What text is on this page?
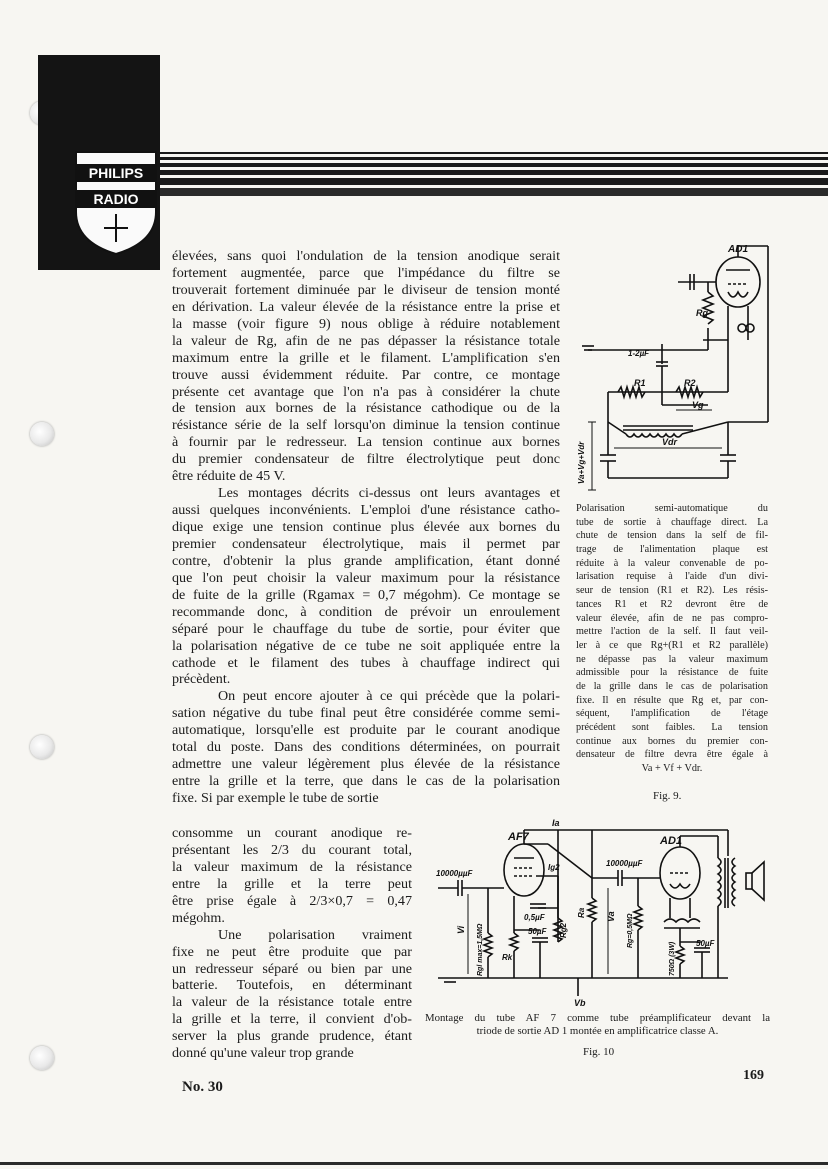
PHILIPS
RADIO
élevées, sans quoi l'ondulation de la tension anodique serait
fortement augmentée, parce que l'impédance du filtre se
trouverait fortement diminuée par le diviseur de tension monté
en dérivation. La valeur élevée de la résistance entre la prise et
la masse (voir figure 9) nous oblige à réduire notablement
la valeur de Rg, afin de ne pas dépasser la résistance totale
maximum entre la grille et le filament. L'amplification s'en
trouve aussi évidemment réduite. Par contre, ce montage
présente cet avantage que l'on n'a pas à considérer la chute
de tension aux bornes de la résistance cathodique ou de la
résistance série de la self lorsqu'on diminue la tension continue
à fournir par le redresseur. La tension continue aux bornes
du premier condensateur de filtre électrolytique peut donc
être réduite de 45 V.
Les montages décrits ci-dessus ont leurs avantages et
aussi quelques inconvénients. L'emploi d'une résistance catho-
dique exige une tension continue plus élevée aux bornes du
premier condensateur électrolytique, mais il permet par
contre, d'obtenir la plus grande amplification, étant donné
que l'on peut choisir la valeur maximum pour la résistance
de fuite de la grille (Rgamax = 0,7 mégohm). Ce montage se
recommande donc, à condition de prévoir un enroulement
séparé pour le chauffage du tube de sortie, pour éviter que
la polarisation négative de ce tube ne soit appliquée entre la
cathode et le filament des tubes à chauffage indirect qui
précèdent.
On peut encore ajouter à ce qui précède que la polari-
sation négative du tube final peut être considérée comme semi-
automatique, lorsqu'elle est produite par le courant anodique
total du poste. Dans des conditions déterminées, on pourrait
admettre une valeur légèrement plus élevée de la résistance
entre la grille et la terre, que dans le cas de la polarisation
fixe. Si par exemple le tube de sortie
consomme un courant anodique re-
présentant les 2/3 du courant total,
la valeur maximum de la résistance
entre la grille et la terre peut
être prise égale à 2/3×0,7 = 0,47
mégohm.
Une polarisation vraiment
fixe ne peut être produite que par
un redresseur séparé ou bien par une
batterie. Toutefois, en déterminant
la valeur de la résistance totale entre
la grille et la terre, il convient d'ob-
server la plus grande prudence, étant
donné qu'une valeur trop grande
AD1
Rg
1-2µF
R1	R2
Vg
Vdr
Va+Vg+Vdr
Polarisation semi-automatique du
tube de sortie à chauffage direct. La
chute de tension dans la self de fil-
trage de l'alimentation plaque est
réduite à la valeur convenable de po-
larisation requise à l'aide d'un divi-
seur de tension (R1 et R2). Les résis-
tances R1 et R2 devront être de
valeur élevée, afin de ne pas compro-
mettre l'action de la self. Il faut veil-
ler à ce que Rg+(R1 et R2 parallèle)
ne dépasse pas la valeur maximum
admissible pour la résistance de fuite
de la grille dans le cas de polarisation
fixe. Il en résulte que Rg et, par con-
séquent, l'amplification de l'étage
précédent sont faibles. La tension
continue aux bornes du premier con-
densateur de filtre devra être égale à
Va + Vf + Vdr.
Fig. 9.
AF7	AD1
Ia
10000µµF
10000µµF
Ig2
0,5µF
Rg2
Ra Va
Vi Rgl max=1,5MΩ Rk
50µF	Rg=0,5MΩ
750Ω (3W)	50µF
Vb
Montage du tube AF 7 comme tube préamplificateur devant la
triode de sortie AD 1 montée en amplificatrice classe A.
Fig. 10
No. 30
169
